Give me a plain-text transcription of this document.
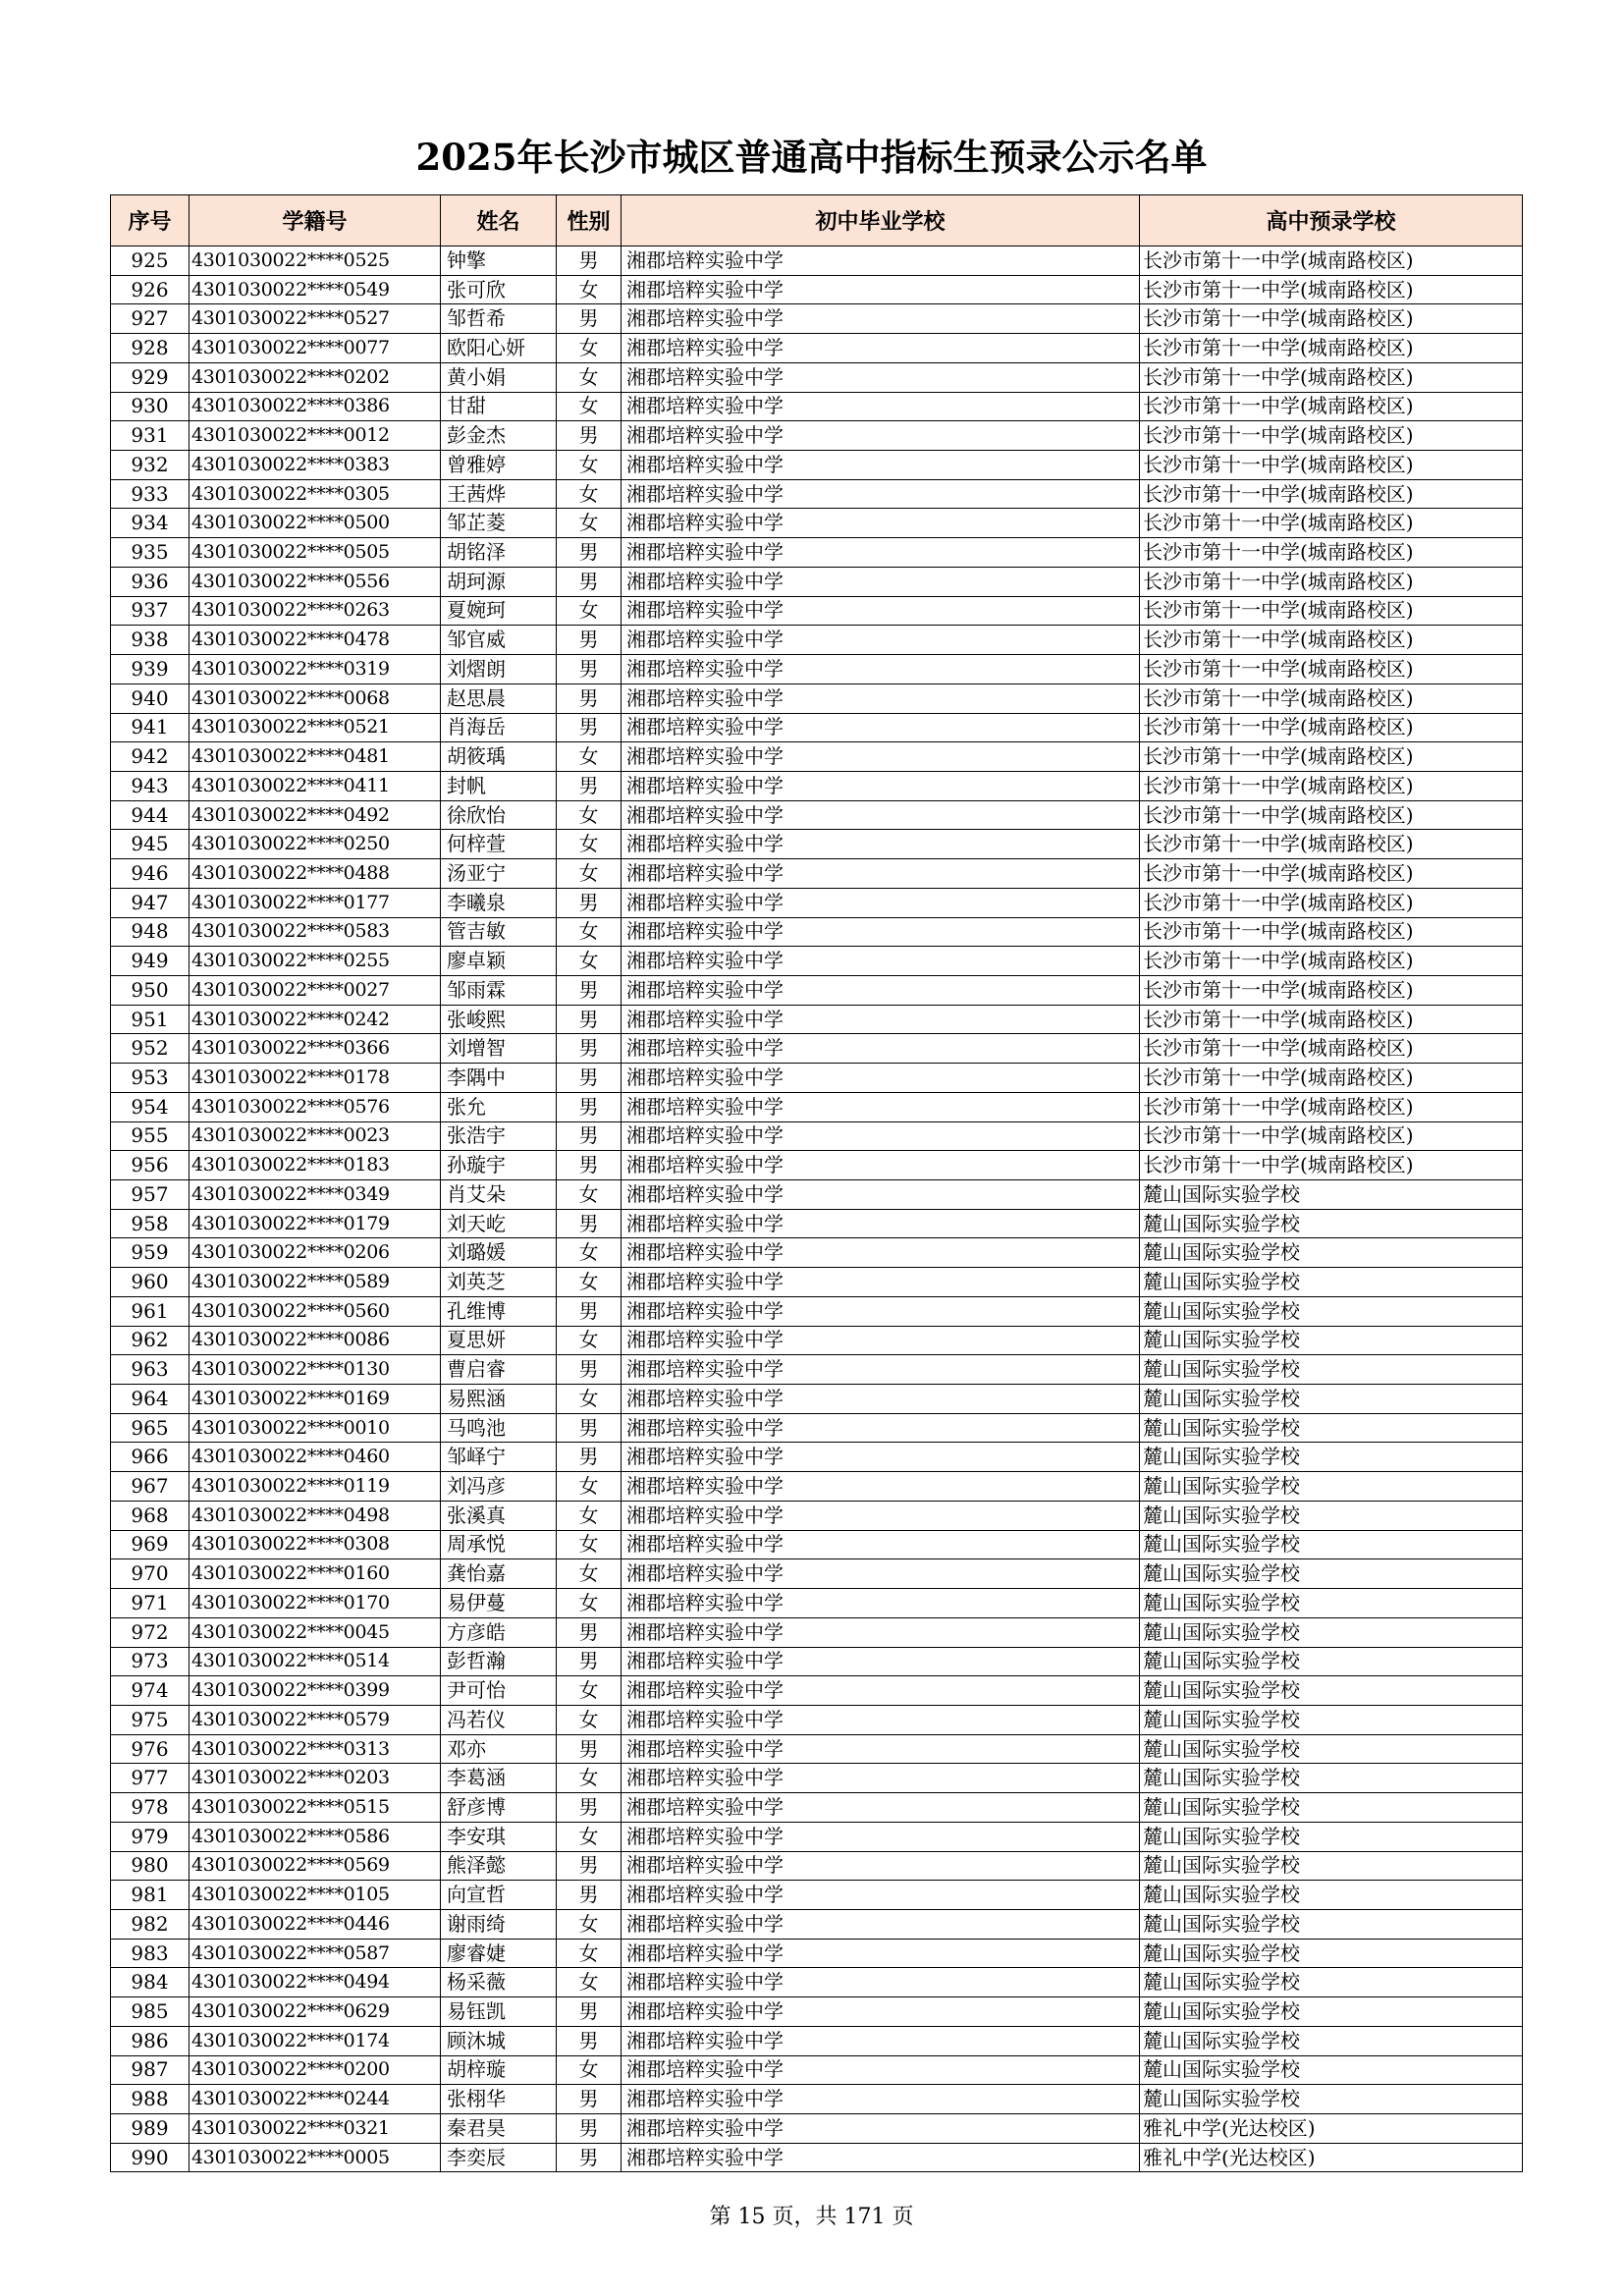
2025年长沙市城区普通高中指标生预录公示名单
序号	学籍号	姓名	性别	初中毕业学校	高中预录学校
925	4301030022****0525	钟擎	男	湘郡培粹实验中学	长沙市第十一中学(城南路校区)
926	4301030022****0549	张可欣	女	湘郡培粹实验中学	长沙市第十一中学(城南路校区)
927	4301030022****0527	邹哲希	男	湘郡培粹实验中学	长沙市第十一中学(城南路校区)
928	4301030022****0077	欧阳心妍	女	湘郡培粹实验中学	长沙市第十一中学(城南路校区)
929	4301030022****0202	黄小娟	女	湘郡培粹实验中学	长沙市第十一中学(城南路校区)
930	4301030022****0386	甘甜	女	湘郡培粹实验中学	长沙市第十一中学(城南路校区)
931	4301030022****0012	彭金杰	男	湘郡培粹实验中学	长沙市第十一中学(城南路校区)
932	4301030022****0383	曾雅婷	女	湘郡培粹实验中学	长沙市第十一中学(城南路校区)
933	4301030022****0305	王茜烨	女	湘郡培粹实验中学	长沙市第十一中学(城南路校区)
934	4301030022****0500	邹芷菱	女	湘郡培粹实验中学	长沙市第十一中学(城南路校区)
935	4301030022****0505	胡铭泽	男	湘郡培粹实验中学	长沙市第十一中学(城南路校区)
936	4301030022****0556	胡珂源	男	湘郡培粹实验中学	长沙市第十一中学(城南路校区)
937	4301030022****0263	夏婉珂	女	湘郡培粹实验中学	长沙市第十一中学(城南路校区)
938	4301030022****0478	邹官威	男	湘郡培粹实验中学	长沙市第十一中学(城南路校区)
939	4301030022****0319	刘熠朗	男	湘郡培粹实验中学	长沙市第十一中学(城南路校区)
940	4301030022****0068	赵思晨	男	湘郡培粹实验中学	长沙市第十一中学(城南路校区)
941	4301030022****0521	肖海岳	男	湘郡培粹实验中学	长沙市第十一中学(城南路校区)
942	4301030022****0481	胡筱瑀	女	湘郡培粹实验中学	长沙市第十一中学(城南路校区)
943	4301030022****0411	封帆	男	湘郡培粹实验中学	长沙市第十一中学(城南路校区)
944	4301030022****0492	徐欣怡	女	湘郡培粹实验中学	长沙市第十一中学(城南路校区)
945	4301030022****0250	何梓萱	女	湘郡培粹实验中学	长沙市第十一中学(城南路校区)
946	4301030022****0488	汤亚宁	女	湘郡培粹实验中学	长沙市第十一中学(城南路校区)
947	4301030022****0177	李曦泉	男	湘郡培粹实验中学	长沙市第十一中学(城南路校区)
948	4301030022****0583	管吉敏	女	湘郡培粹实验中学	长沙市第十一中学(城南路校区)
949	4301030022****0255	廖卓颖	女	湘郡培粹实验中学	长沙市第十一中学(城南路校区)
950	4301030022****0027	邹雨霖	男	湘郡培粹实验中学	长沙市第十一中学(城南路校区)
951	4301030022****0242	张峻熙	男	湘郡培粹实验中学	长沙市第十一中学(城南路校区)
952	4301030022****0366	刘增智	男	湘郡培粹实验中学	长沙市第十一中学(城南路校区)
953	4301030022****0178	李隅中	男	湘郡培粹实验中学	长沙市第十一中学(城南路校区)
954	4301030022****0576	张允	男	湘郡培粹实验中学	长沙市第十一中学(城南路校区)
955	4301030022****0023	张浩宇	男	湘郡培粹实验中学	长沙市第十一中学(城南路校区)
956	4301030022****0183	孙璇宇	男	湘郡培粹实验中学	长沙市第十一中学(城南路校区)
957	4301030022****0349	肖艾朵	女	湘郡培粹实验中学	麓山国际实验学校
958	4301030022****0179	刘天屹	男	湘郡培粹实验中学	麓山国际实验学校
959	4301030022****0206	刘璐媛	女	湘郡培粹实验中学	麓山国际实验学校
960	4301030022****0589	刘英芝	女	湘郡培粹实验中学	麓山国际实验学校
961	4301030022****0560	孔维博	男	湘郡培粹实验中学	麓山国际实验学校
962	4301030022****0086	夏思妍	女	湘郡培粹实验中学	麓山国际实验学校
963	4301030022****0130	曹启睿	男	湘郡培粹实验中学	麓山国际实验学校
964	4301030022****0169	易熙涵	女	湘郡培粹实验中学	麓山国际实验学校
965	4301030022****0010	马鸣池	男	湘郡培粹实验中学	麓山国际实验学校
966	4301030022****0460	邹峄宁	男	湘郡培粹实验中学	麓山国际实验学校
967	4301030022****0119	刘冯彦	女	湘郡培粹实验中学	麓山国际实验学校
968	4301030022****0498	张溪真	女	湘郡培粹实验中学	麓山国际实验学校
969	4301030022****0308	周承悦	女	湘郡培粹实验中学	麓山国际实验学校
970	4301030022****0160	龚怡嘉	女	湘郡培粹实验中学	麓山国际实验学校
971	4301030022****0170	易伊蔓	女	湘郡培粹实验中学	麓山国际实验学校
972	4301030022****0045	方彦皓	男	湘郡培粹实验中学	麓山国际实验学校
973	4301030022****0514	彭哲瀚	男	湘郡培粹实验中学	麓山国际实验学校
974	4301030022****0399	尹可怡	女	湘郡培粹实验中学	麓山国际实验学校
975	4301030022****0579	冯若仪	女	湘郡培粹实验中学	麓山国际实验学校
976	4301030022****0313	邓亦	男	湘郡培粹实验中学	麓山国际实验学校
977	4301030022****0203	李葛涵	女	湘郡培粹实验中学	麓山国际实验学校
978	4301030022****0515	舒彦博	男	湘郡培粹实验中学	麓山国际实验学校
979	4301030022****0586	李安琪	女	湘郡培粹实验中学	麓山国际实验学校
980	4301030022****0569	熊泽懿	男	湘郡培粹实验中学	麓山国际实验学校
981	4301030022****0105	向宣哲	男	湘郡培粹实验中学	麓山国际实验学校
982	4301030022****0446	谢雨绮	女	湘郡培粹实验中学	麓山国际实验学校
983	4301030022****0587	廖睿婕	女	湘郡培粹实验中学	麓山国际实验学校
984	4301030022****0494	杨采薇	女	湘郡培粹实验中学	麓山国际实验学校
985	4301030022****0629	易钰凯	男	湘郡培粹实验中学	麓山国际实验学校
986	4301030022****0174	顾沐城	男	湘郡培粹实验中学	麓山国际实验学校
987	4301030022****0200	胡梓璇	女	湘郡培粹实验中学	麓山国际实验学校
988	4301030022****0244	张栩华	男	湘郡培粹实验中学	麓山国际实验学校
989	4301030022****0321	秦君昊	男	湘郡培粹实验中学	雅礼中学(光达校区)
990	4301030022****0005	李奕辰	男	湘郡培粹实验中学	雅礼中学(光达校区)
第 15 页，共 171 页
